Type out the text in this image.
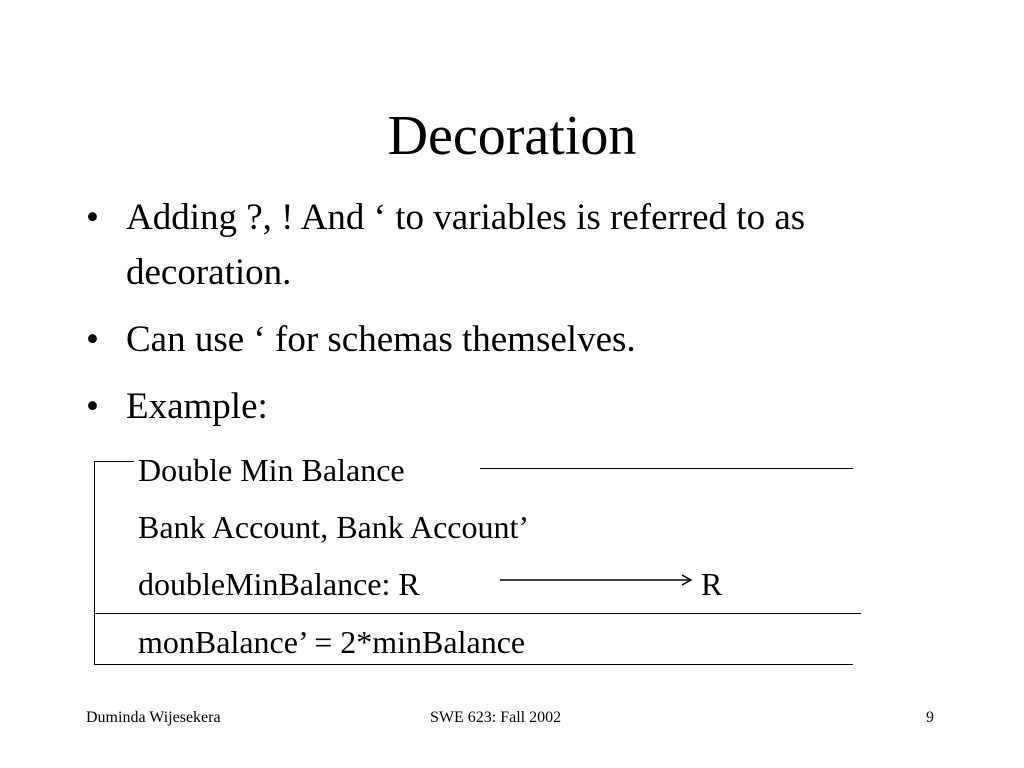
Decoration
• Adding ?, ! And ‘ to variables is referred to as decoration.
• Can use ‘ for schemas themselves.
• Example:
Double Min Balance
Bank Account, Bank Account’
doubleMinBalance: R	R
monBalance’ = 2*minBalance
Duminda Wijesekera	SWE 623: Fall 2002	9
